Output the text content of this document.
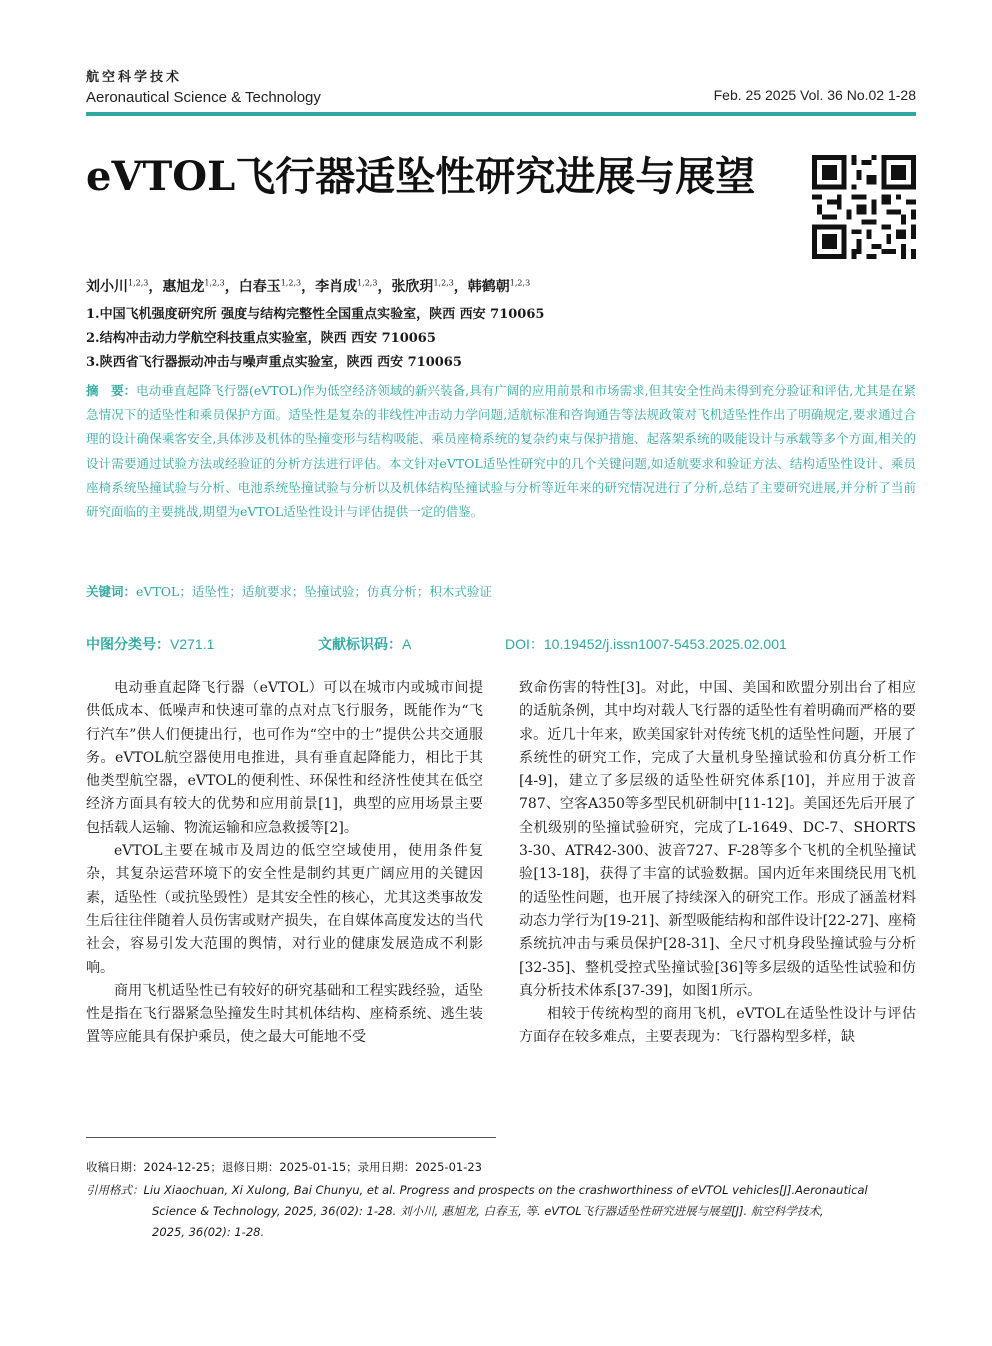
航空科学技术
Aeronautical Science & Technology	Feb. 25 2025 Vol. 36 No.02 1-28
eVTOL飞行器适坠性研究进展与展望
刘小川$^{1,2,3}$，惠旭龙$^{1,2,3}$，白春玉$^{1,2,3}$，李肖成$^{1,2,3}$，张欣玥$^{1,2,3}$，韩鹤朝$^{1,2,3}$
1.中国飞机强度研究所 强度与结构完整性全国重点实验室，陕西 西安 710065
2.结构冲击动力学航空科技重点实验室，陕西 西安 710065
3.陕西省飞行器振动冲击与噪声重点实验室，陕西 西安 710065
摘　要：电动垂直起降飞行器(eVTOL)作为低空经济领域的新兴装备,具有广阔的应用前景和市场需求,但其安全性尚未得到充分验证和评估,尤其是在紧急情况下的适坠性和乘员保护方面。适坠性是复杂的非线性冲击动力学问题,适航标准和咨询通告等法规政策对飞机适坠性作出了明确规定,要求通过合理的设计确保乘客安全,具体涉及机体的坠撞变形与结构吸能、乘员座椅系统的复杂约束与保护措施、起落架系统的吸能设计与承载等多个方面,相关的设计需要通过试验方法或经验证的分析方法进行评估。本文针对eVTOL适坠性研究中的几个关键问题,如适航要求和验证方法、结构适坠性设计、乘员座椅系统坠撞试验与分析、电池系统坠撞试验与分析以及机体结构坠撞试验与分析等近年来的研究情况进行了分析,总结了主要研究进展,并分析了当前研究面临的主要挑战,期望为eVTOL适坠性设计与评估提供一定的借鉴。
关键词：eVTOL；适坠性；适航要求；坠撞试验；仿真分析；积木式验证
中图分类号：V271.1	文献标识码：A	DOI：10.19452/j.issn1007-5453.2025.02.001

电动垂直起降飞行器（eVTOL）可以在城市内或城市间提供低成本、低噪声和快速可靠的点对点飞行服务，既能作为“飞行汽车”供人们便捷出行，也可作为“空中的士”提供公共交通服务。eVTOL航空器使用电推进，具有垂直起降能力，相比于其他类型航空器，eVTOL的便利性、环保性和经济性使其在低空经济方面具有较大的优势和应用前景[1]，典型的应用场景主要包括载人运输、物流运输和应急救援等[2]。

eVTOL主要在城市及周边的低空空域使用，使用条件复杂，其复杂运营环境下的安全性是制约其更广阔应用的关键因素，适坠性（或抗坠毁性）是其安全性的核心，尤其这类事故发生后往往伴随着人员伤害或财产损失，在自媒体高度发达的当代社会，容易引发大范围的舆情，对行业的健康发展造成不利影响。

商用飞机适坠性已有较好的研究基础和工程实践经验，适坠性是指在飞行器紧急坠撞发生时其机体结构、座椅系统、逃生装置等应能具有保护乘员，使之最大可能地不受

致命伤害的特性[3]。对此，中国、美国和欧盟分别出台了相应的适航条例，其中均对载人飞行器的适坠性有着明确而严格的要求。近几十年来，欧美国家针对传统飞机的适坠性问题，开展了系统性的研究工作，完成了大量机身坠撞试验和仿真分析工作[4-9]，建立了多层级的适坠性研究体系[10]，并应用于波音787、空客A350等多型民机研制中[11-12]。美国还先后开展了全机级别的坠撞试验研究，完成了L-1649、DC-7、SHORTS 3-30、ATR42-300、波音727、F-28等多个飞机的全机坠撞试验[13-18]，获得了丰富的试验数据。国内近年来围绕民用飞机的适坠性问题，也开展了持续深入的研究工作。形成了涵盖材料动态力学行为[19-21]、新型吸能结构和部件设计[22-27]、座椅系统抗冲击与乘员保护[28-31]、全尺寸机身段坠撞试验与分析[32-35]、整机受控式坠撞试验[36]等多层级的适坠性试验和仿真分析技术体系[37-39]，如图1所示。

相较于传统构型的商用飞机，eVTOL在适坠性设计与评估方面存在较多难点，主要表现为：飞行器构型多样，缺

收稿日期：2024-12-25；退修日期：2025-01-15；录用日期：2025-01-23
引用格式：Liu Xiaochuan, Xi Xulong, Bai Chunyu, et al. Progress and prospects on the crashworthiness of eVTOL vehicles[J].Aeronautical
Science & Technology, 2025, 36(02): 1-28. 刘小川, 惠旭龙, 白春玉, 等. eVTOL飞行器适坠性研究进展与展望[J]. 航空科学技术,
2025, 36(02): 1-28.
